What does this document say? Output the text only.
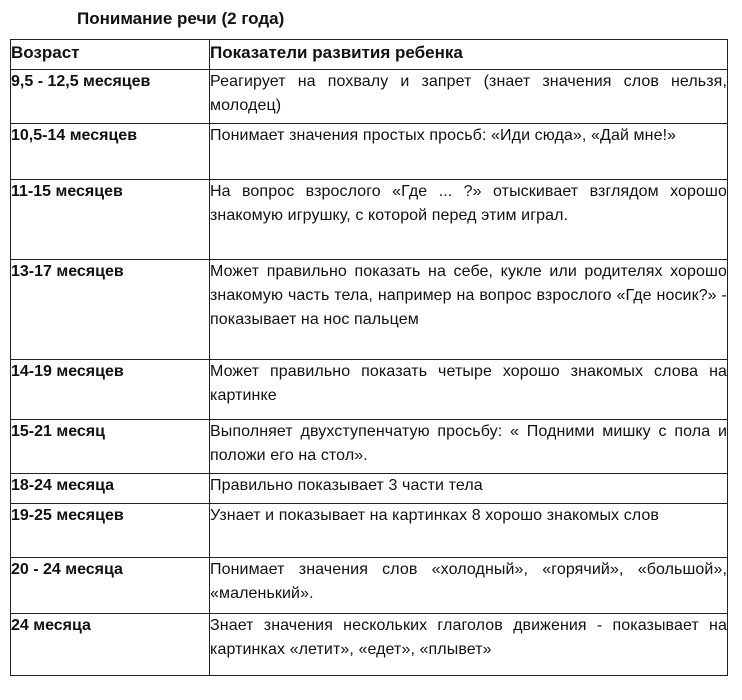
Понимание речи (2 года)
Возраст	Показатели развития ребенка
9,5 - 12,5 месяцев	Реагирует на похвалу и запрет (знает значения слов нельзя, молодец)
10,5-14 месяцев	Понимает значения простых просьб: «Иди сюда», «Дай мне!»
11-15 месяцев	На вопрос взрослого «Где ... ?» отыскивает взглядом хорошо знакомую игрушку, с которой перед этим играл.
13-17 месяцев	Может правильно показать на себе, кукле или родителях хорошо знакомую часть тела, например на вопрос взрослого «Где носик?» - показывает на нос пальцем
14-19 месяцев	Может правильно показать четыре хорошо знакомых слова на картинке
15-21 месяц	Выполняет двухступенчатую просьбу: « Подними мишку с пола и положи его на стол».
18-24 месяца	Правильно показывает 3 части тела
19-25 месяцев	Узнает и показывает на картинках 8 хорошо знакомых слов
20 - 24 месяца	Понимает значения слов «холодный», «горячий», «большой», «маленький».
24 месяца	Знает значения нескольких глаголов движения - показывает на картинках «летит», «едет», «плывет»
